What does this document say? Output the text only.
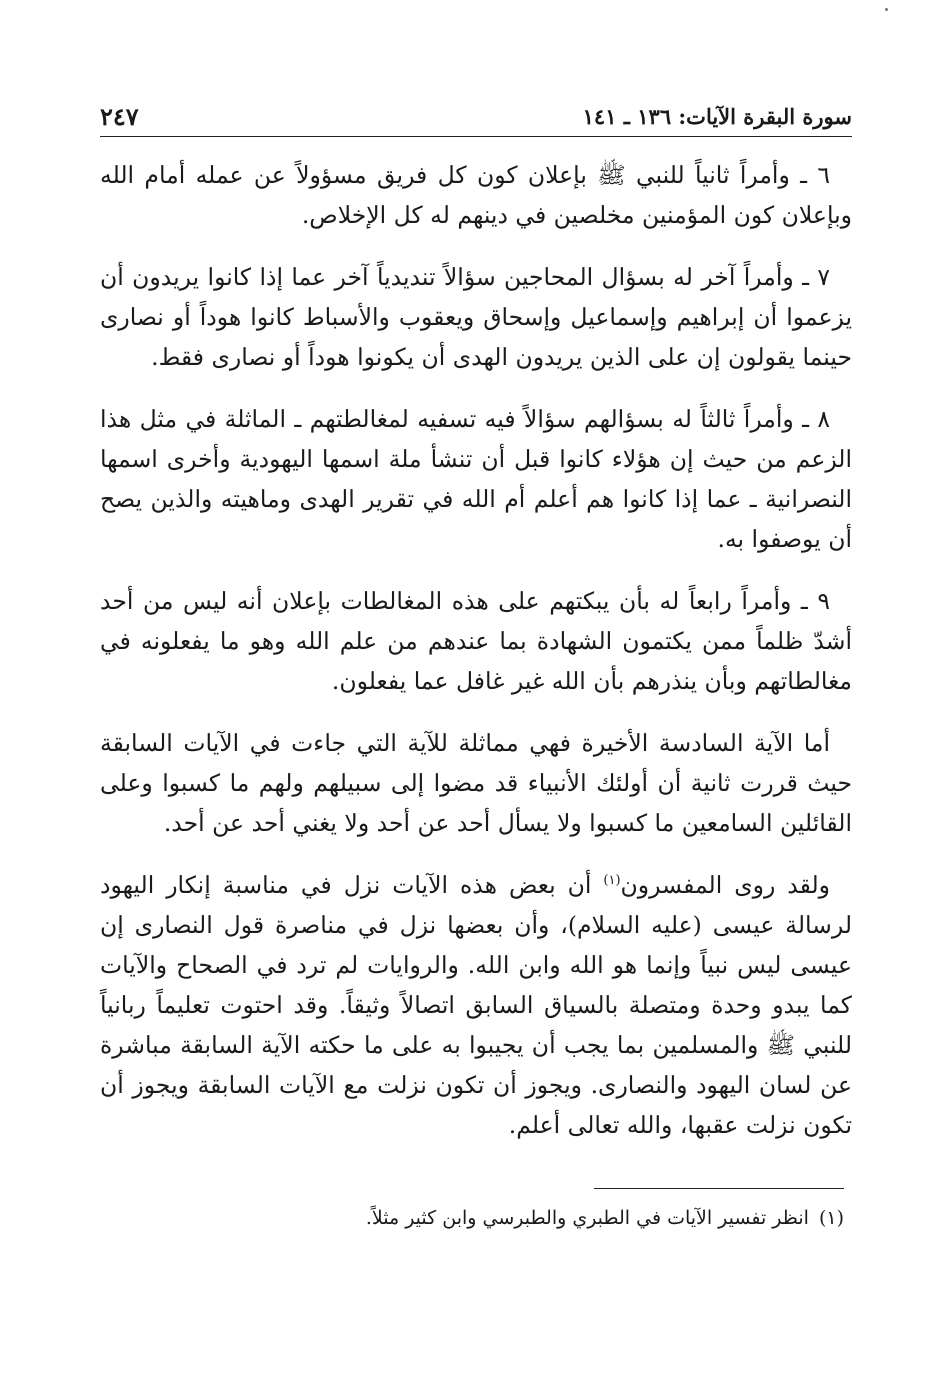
٢٤٧	سورة البقرة الآيات: ١٣٦ ـ ١٤١

٦ ـ وأمراً ثانياً للنبي ﷺ بإعلان كون كل فريق مسؤولاً عن عمله أمام الله وبإعلان كون المؤمنين مخلصين في دينهم له كل الإخلاص.

٧ ـ وأمراً آخر له بسؤال المحاجين سؤالاً تنديدياً آخر عما إذا كانوا يريدون أن يزعموا أن إبراهيم وإسماعيل وإسحاق ويعقوب والأسباط كانوا هوداً أو نصارى حينما يقولون إن على الذين يريدون الهدى أن يكونوا هوداً أو نصارى فقط.

٨ ـ وأمراً ثالثاً له بسؤالهم سؤالاً فيه تسفيه لمغالطتهم ـ الماثلة في مثل هذا الزعم من حيث إن هؤلاء كانوا قبل أن تنشأ ملة اسمها اليهودية وأخرى اسمها النصرانية ـ عما إذا كانوا هم أعلم أم الله في تقرير الهدى وماهيته والذين يصح أن يوصفوا به.

٩ ـ وأمراً رابعاً له بأن يبكتهم على هذه المغالطات بإعلان أنه ليس من أحد أشدّ ظلماً ممن يكتمون الشهادة بما عندهم من علم الله وهو ما يفعلونه في مغالطاتهم وبأن ينذرهم بأن الله غير غافل عما يفعلون.

أما الآية السادسة الأخيرة فهي مماثلة للآية التي جاءت في الآيات السابقة حيث قررت ثانية أن أولئك الأنبياء قد مضوا إلى سبيلهم ولهم ما كسبوا وعلى القائلين السامعين ما كسبوا ولا يسأل أحد عن أحد ولا يغني أحد عن أحد.

ولقد روى المفسرون$^{(١)}$ أن بعض هذه الآيات نزل في مناسبة إنكار اليهود لرسالة عيسى (عليه السلام)، وأن بعضها نزل في مناصرة قول النصارى إن عيسى ليس نبياً وإنما هو الله وابن الله. والروايات لم ترد في الصحاح والآيات كما يبدو وحدة ومتصلة بالسياق السابق اتصالاً وثيقاً. وقد احتوت تعليماً ربانياً للنبي ﷺ والمسلمين بما يجب أن يجيبوا به على ما حكته الآية السابقة مباشرة عن لسان اليهود والنصارى. ويجوز أن تكون نزلت مع الآيات السابقة ويجوز أن تكون نزلت عقبها، والله تعالى أعلم.

(١)انظر تفسير الآيات في الطبري والطبرسي وابن كثير مثلاً.
